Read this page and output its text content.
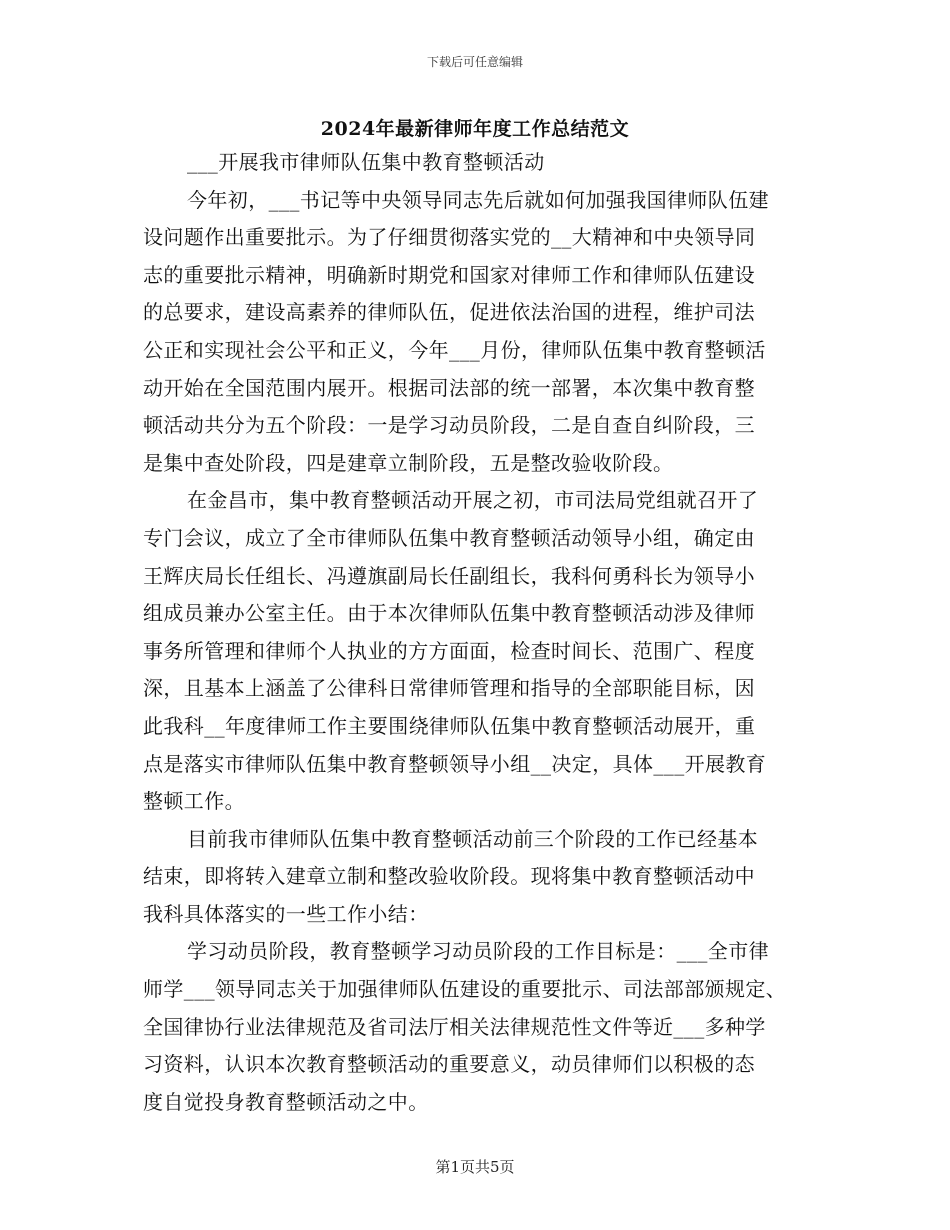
下载后可任意编辑
2024年最新律师年度工作总结范文
___开展我市律师队伍集中教育整顿活动
今年初，___书记等中央领导同志先后就如何加强我国律师队伍建
设问题作出重要批示。为了仔细贯彻落实党的__大精神和中央领导同
志的重要批示精神，明确新时期党和国家对律师工作和律师队伍建设
的总要求，建设高素养的律师队伍，促进依法治国的进程，维护司法
公正和实现社会公平和正义，今年___月份，律师队伍集中教育整顿活
动开始在全国范围内展开。根据司法部的统一部署，本次集中教育整
顿活动共分为五个阶段：一是学习动员阶段，二是自查自纠阶段，三
是集中查处阶段，四是建章立制阶段，五是整改验收阶段。
在金昌市，集中教育整顿活动开展之初，市司法局党组就召开了
专门会议，成立了全市律师队伍集中教育整顿活动领导小组，确定由
王辉庆局长任组长、冯遵旗副局长任副组长，我科何勇科长为领导小
组成员兼办公室主任。由于本次律师队伍集中教育整顿活动涉及律师
事务所管理和律师个人执业的方方面面，检查时间长、范围广、程度
深，且基本上涵盖了公律科日常律师管理和指导的全部职能目标，因
此我科__年度律师工作主要围绕律师队伍集中教育整顿活动展开，重
点是落实市律师队伍集中教育整顿领导小组__决定，具体___开展教育
整顿工作。
目前我市律师队伍集中教育整顿活动前三个阶段的工作已经基本
结束，即将转入建章立制和整改验收阶段。现将集中教育整顿活动中
我科具体落实的一些工作小结：
学习动员阶段，教育整顿学习动员阶段的工作目标是：___全市律
师学___领导同志关于加强律师队伍建设的重要批示、司法部部颁规定、
全国律协行业法律规范及省司法厅相关法律规范性文件等近___多种学
习资料，认识本次教育整顿活动的重要意义，动员律师们以积极的态
度自觉投身教育整顿活动之中。
第1页共5页
